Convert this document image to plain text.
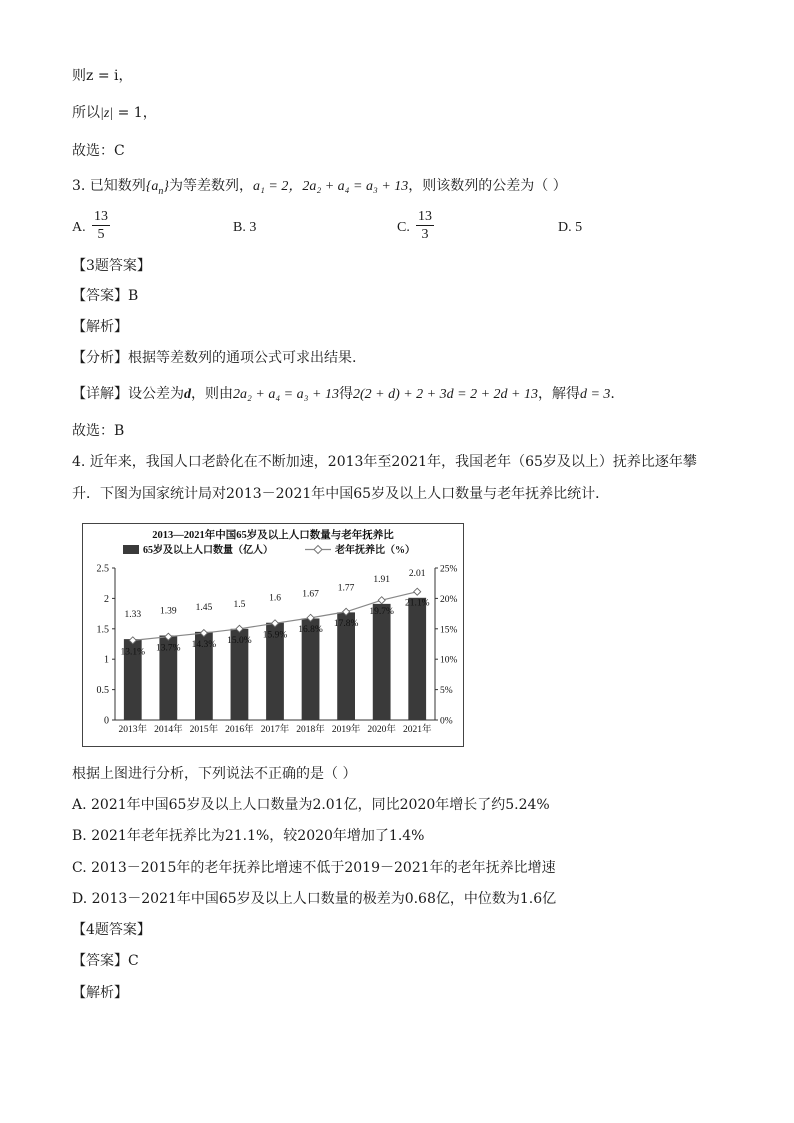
则z = i，
所以|z| = 1，
故选：C
3. 已知数列$\{a_n\}$为等差数列，a₁ = 2，2a₂ + a₄ = a₃ + 13，则该数列的公差为（ ）
A. $\frac{13}{5}$	B. 3	C. $\frac{13}{3}$	D. 5
【3题答案】
【答案】B
【解析】
【分析】根据等差数列的通项公式可求出结果.
【详解】设公差为d，则由2a₂ + a₄ = a₃ + 13得2(2 + d) + 2 + 3d = 2 + 2d + 13，解得d = 3.
故选：B
4. 近年来，我国人口老龄化在不断加速，2013年至2021年，我国老年（65岁及以上）抚养比逐年攀
升．下图为国家统计局对2013－2021年中国65岁及以上人口数量与老年抚养比统计．
2013—2021年中国65岁及以上人口数量与老年抚养比
65岁及以上人口数量（亿人）	老年抚养比（%）
0
0.5
1
1.5
2
2.5
0%
5%
10%
15%
20%
25%
1.33
2013年
1.39
2014年
1.45
2015年
1.5
2016年
1.6
2017年
1.67
2018年
1.77
2019年
1.91
2020年
2.01
2021年
13.1% 13.7% 14.3% 15.0%
15.9%
16.8%
17.8%
19.7%
21.1%
根据上图进行分析，下列说法不正确的是（ ）
A. 2021年中国65岁及以上人口数量为2.01亿，同比2020年增长了约5.24%
B. 2021年老年抚养比为21.1%，较2020年增加了1.4%
C. 2013－2015年的老年抚养比增速不低于2019－2021年的老年抚养比增速
D. 2013－2021年中国65岁及以上人口数量的极差为0.68亿，中位数为1.6亿
【4题答案】
【答案】C
【解析】
